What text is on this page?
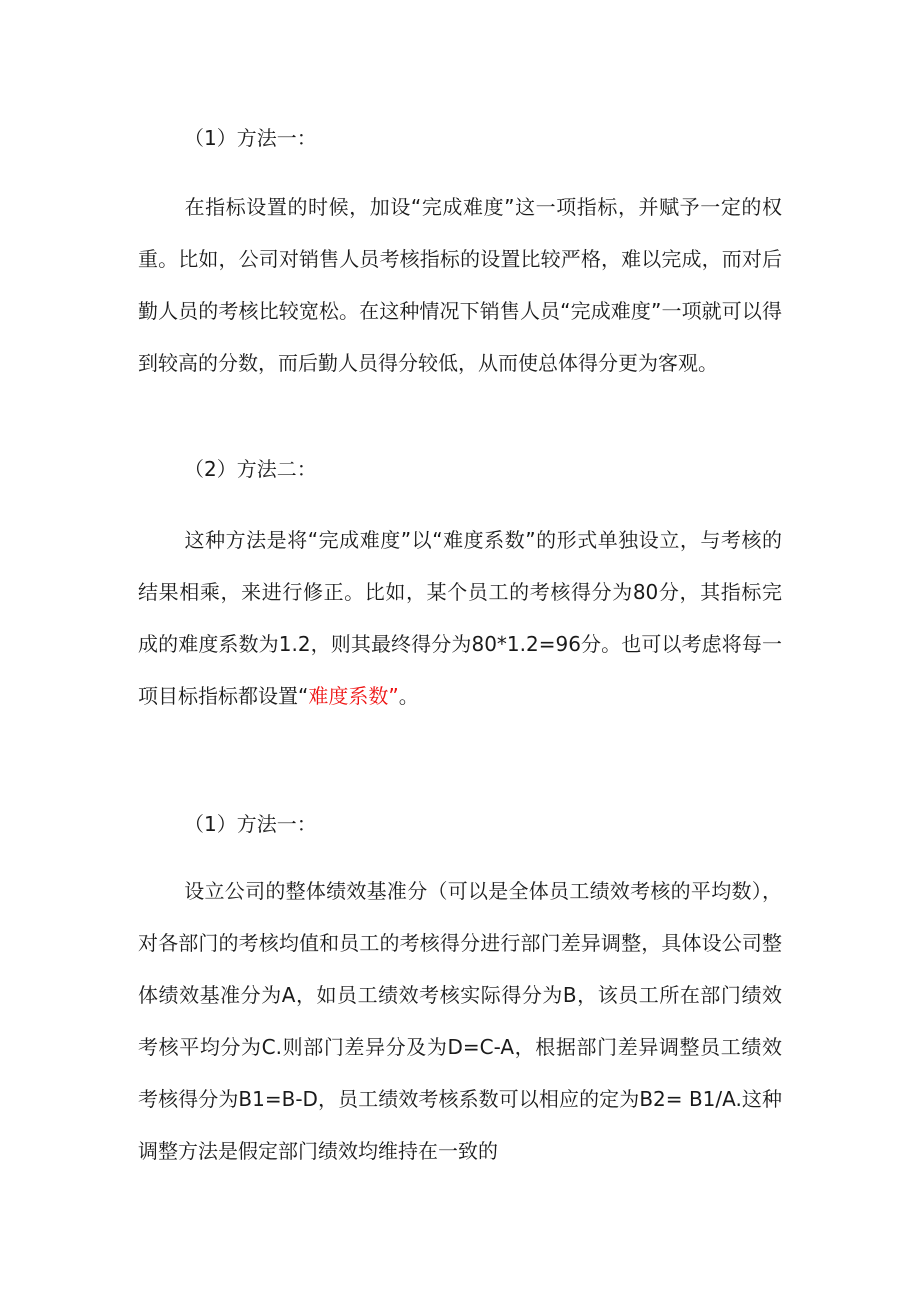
（1）方法一：
在指标设置的时候，加设“完成难度”这一项指标，并赋予一定的权重。比如，公司对销售人员考核指标的设置比较严格，难以完成，而对后勤人员的考核比较宽松。在这种情况下销售人员“完成难度”一项就可以得到较高的分数，而后勤人员得分较低，从而使总体得分更为客观。
（2）方法二：
这种方法是将“完成难度”以“难度系数”的形式单独设立，与考核的结果相乘，来进行修正。比如，某个员工的考核得分为80分，其指标完成的难度系数为1.2，则其最终得分为80*1.2=96分。也可以考虑将每一项目标指标都设置“难度系数”。
（1）方法一：
设立公司的整体绩效基准分（可以是全体员工绩效考核的平均数），对各部门的考核均值和员工的考核得分进行部门差异调整，具体设公司整体绩效基准分为A，如员工绩效考核实际得分为B，该员工所在部门绩效考核平均分为C.则部门差异分及为D=C-A，根据部门差异调整员工绩效考核得分为B1=B-D，员工绩效考核系数可以相应的定为B2= B1/A.这种调整方法是假定部门绩效均维持在一致的
